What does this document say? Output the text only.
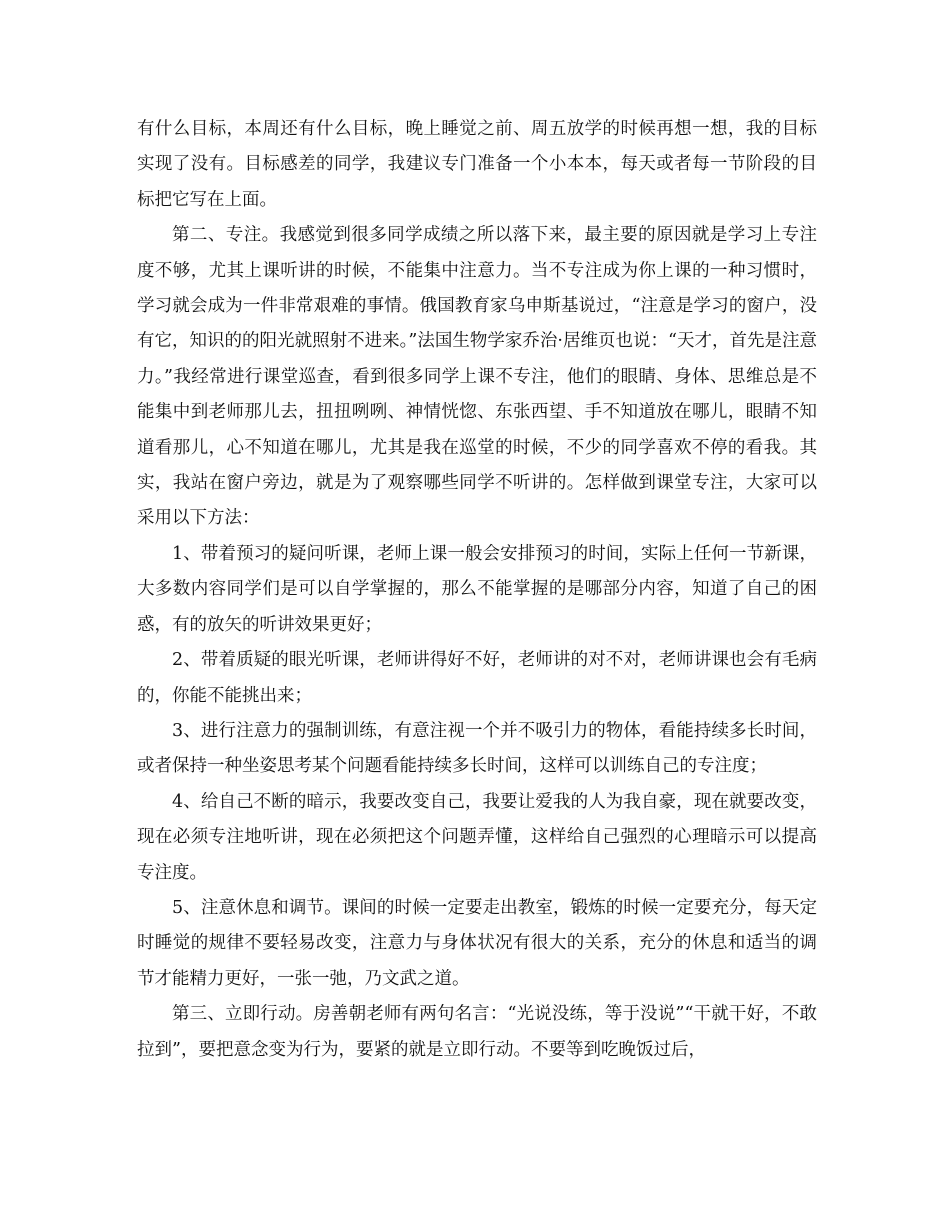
有什么目标，本周还有什么目标，晚上睡觉之前、周五放学的时候再想一想，我的目标实现了没有。目标感差的同学，我建议专门准备一个小本本，每天或者每一节阶段的目标把它写在上面。

第二、专注。我感觉到很多同学成绩之所以落下来，最主要的原因就是学习上专注度不够，尤其上课听讲的时候，不能集中注意力。当不专注成为你上课的一种习惯时，学习就会成为一件非常艰难的事情。俄国教育家乌申斯基说过，“注意是学习的窗户，没有它，知识的的阳光就照射不进来。”法国生物学家乔治·居维页也说：“天才，首先是注意力。”我经常进行课堂巡查，看到很多同学上课不专注，他们的眼睛、身体、思维总是不能集中到老师那儿去，扭扭咧咧、神情恍惚、东张西望、手不知道放在哪儿，眼睛不知道看那儿，心不知道在哪儿，尤其是我在巡堂的时候，不少的同学喜欢不停的看我。其实，我站在窗户旁边，就是为了观察哪些同学不听讲的。怎样做到课堂专注，大家可以采用以下方法：

1、带着预习的疑问听课，老师上课一般会安排预习的时间，实际上任何一节新课，大多数内容同学们是可以自学掌握的，那么不能掌握的是哪部分内容，知道了自己的困惑，有的放矢的听讲效果更好；

2、带着质疑的眼光听课，老师讲得好不好，老师讲的对不对，老师讲课也会有毛病的，你能不能挑出来；

3、进行注意力的强制训练，有意注视一个并不吸引力的物体，看能持续多长时间，或者保持一种坐姿思考某个问题看能持续多长时间，这样可以训练自己的专注度；

4、给自己不断的暗示，我要改变自己，我要让爱我的人为我自豪，现在就要改变，现在必须专注地听讲，现在必须把这个问题弄懂，这样给自己强烈的心理暗示可以提高专注度。

5、注意休息和调节。课间的时候一定要走出教室，锻炼的时候一定要充分，每天定时睡觉的规律不要轻易改变，注意力与身体状况有很大的关系，充分的休息和适当的调节才能精力更好，一张一弛，乃文武之道。

第三、立即行动。房善朝老师有两句名言：“光说没练，等于没说”“干就干好，不敢拉到”，要把意念变为行为，要紧的就是立即行动。不要等到吃晚饭过后，
